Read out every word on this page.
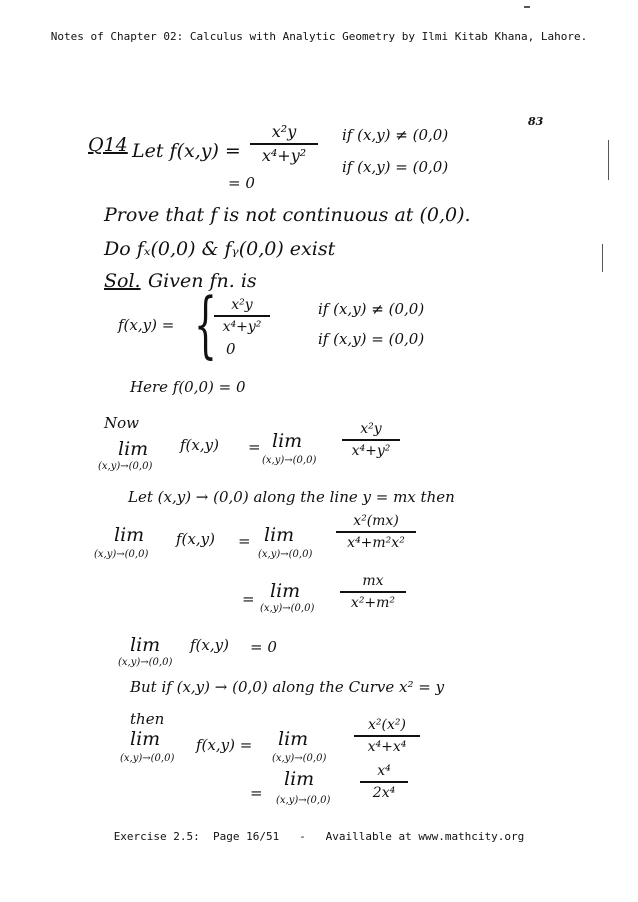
Notes of Chapter 02: Calculus with Analytic Geometry by Ilmi Kitab Khana, Lahore.
Q14 Let f(x,y) =
x²y
x⁴+y²
if (x,y) ≠ (0,0)
if (x,y) = (0,0)
= 0
83
Prove that f is not continuous at (0,0).
Do fₓ(0,0) & fᵧ(0,0) exist
Sol. Given fn. is
f(x,y) = {	x²y
x⁴+y²
0
if (x,y) ≠ (0,0)
if (x,y) = (0,0)
Here f(0,0) = 0
Now
lim
(x,y)→(0,0)
f(x,y) = lim
(x,y)→(0,0)
x²y
x⁴+y²
Let (x,y) → (0,0) along the line y = mx then
lim
(x,y)→(0,0)
f(x,y) = lim
(x,y)→(0,0)
x²(mx)
x⁴+m²x²
= lim
(x,y)→(0,0)
mx
x²+m²
lim
(x,y)→(0,0)
f(x,y) = 0
But if (x,y) → (0,0) along the Curve x² = y
then
lim
(x,y)→(0,0)
f(x,y) = lim
(x,y)→(0,0)
x²(x²)
x⁴+x⁴
=
lim
(x,y)→(0,0)
x⁴
2x⁴
Exercise 2.5:  Page 16/51   -   Availlable at www.mathcity.org
